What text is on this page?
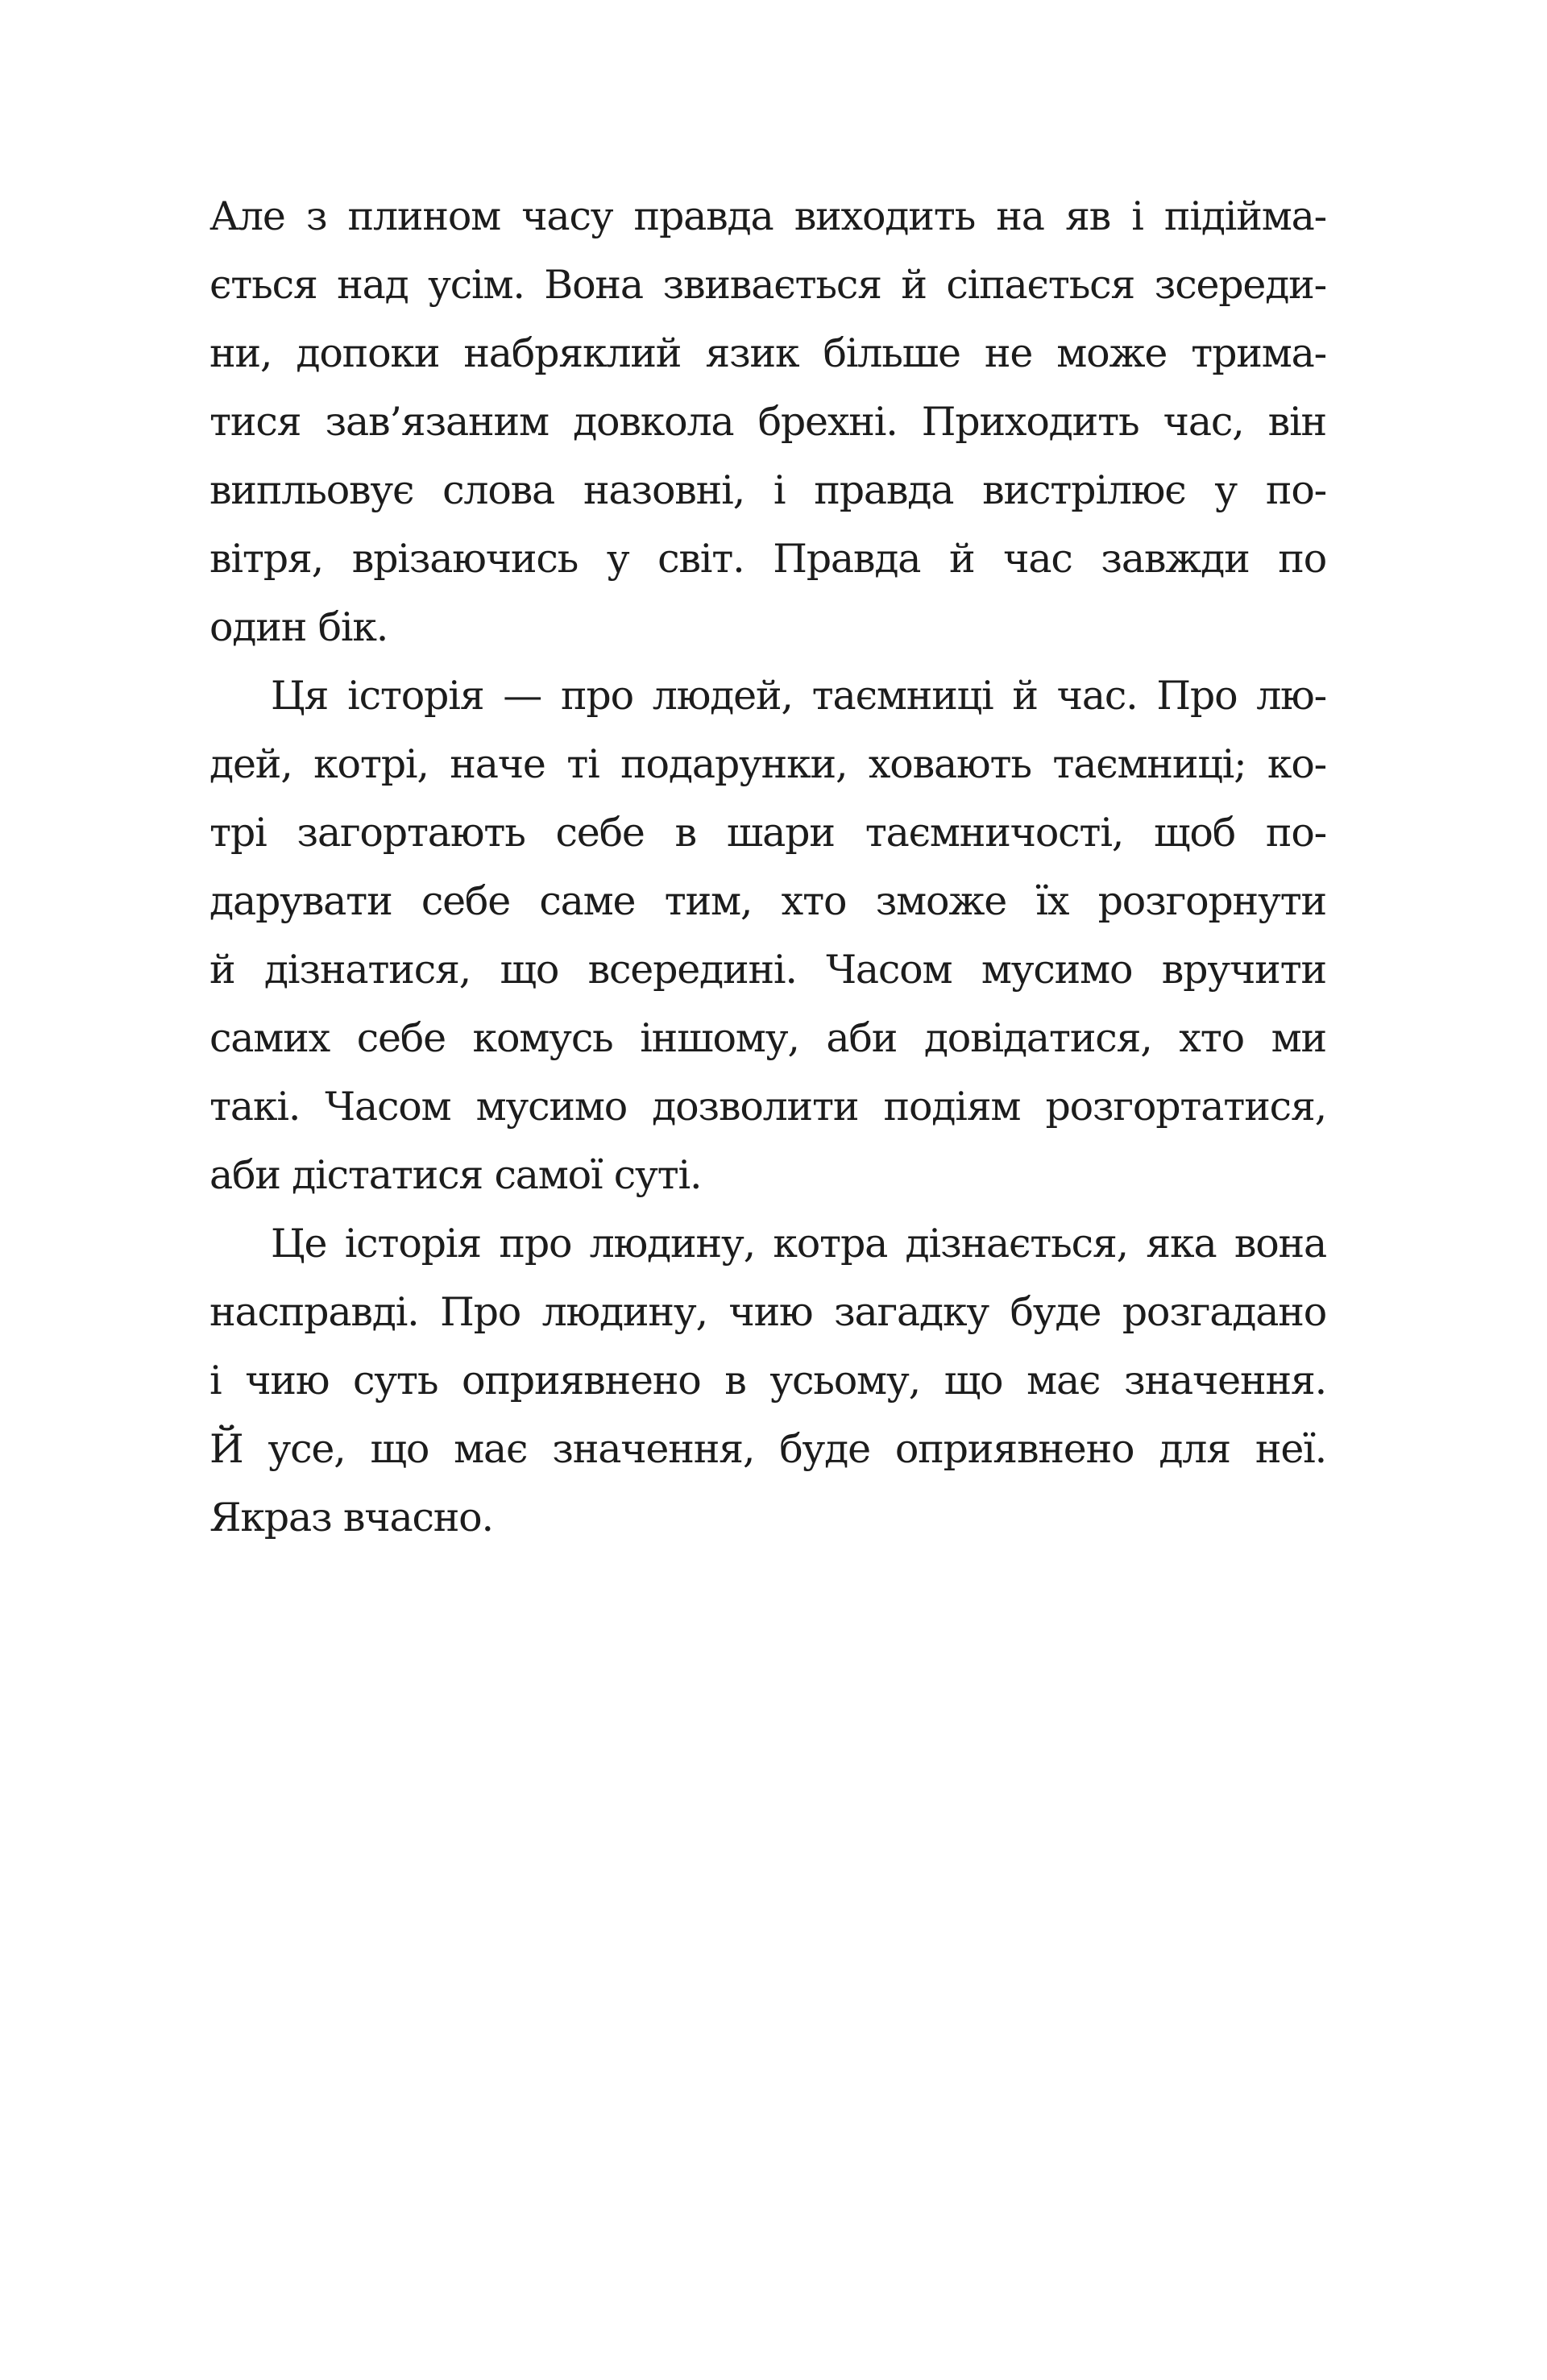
Але з плином часу правда виходить на яв і підійма-
ється над усім. Вона звивається й сіпається зсереди-
ни, допоки набряклий язик більше не може трима-
тися зав’язаним довкола брехні. Приходить час, він
випльовує слова назовні, і правда вистрілює у по-
вітря, врізаючись у світ. Правда й час завжди по
один бік.
Ця історія — про людей, таємниці й час. Про лю-
дей, котрі, наче ті подарунки, ховають таємниці; ко-
трі загортають себе в шари таємничості, щоб по-
дарувати себе саме тим, хто зможе їх розгорнути
й дізнатися, що всередині. Часом мусимо вручити
самих себе комусь іншому, аби довідатися, хто ми
такі. Часом мусимо дозволити подіям розгортатися,
аби дістатися самої суті.
Це історія про людину, котра дізнається, яка вона
насправді. Про людину, чию загадку буде розгадано
і чию суть оприявнено в усьому, що має значення.
Й усе, що має значення, буде оприявнено для неї.
Якраз вчасно.
